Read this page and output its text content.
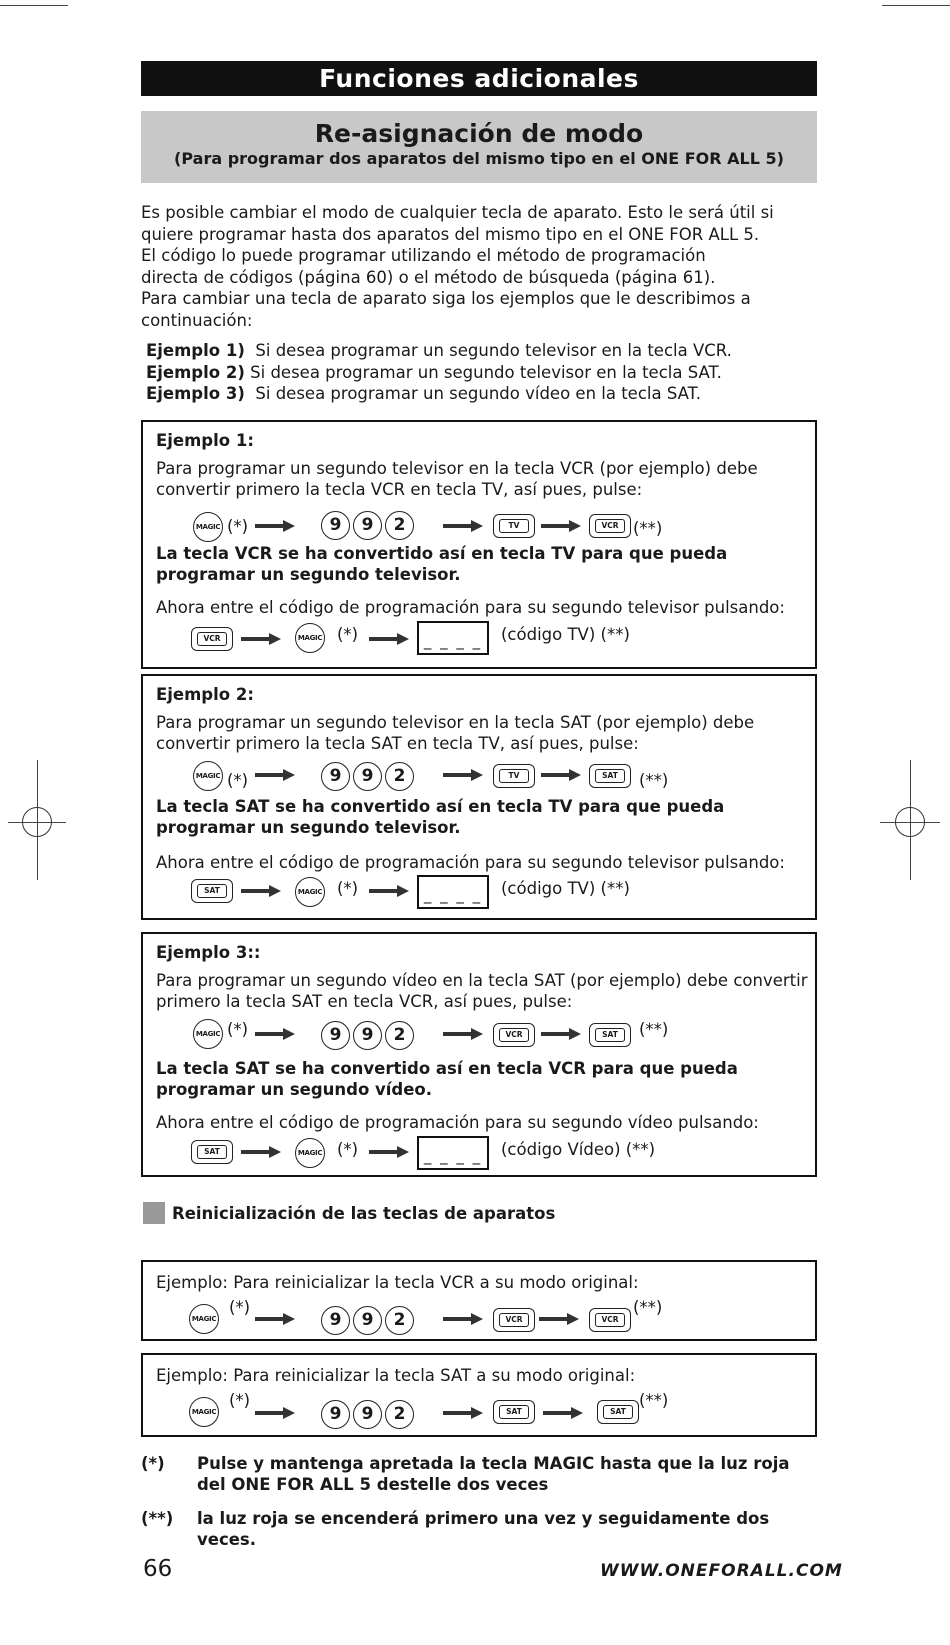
Funciones adicionales
Re-asignación de modo
(Para programar dos aparatos del mismo tipo en el ONE FOR ALL 5)
Es posible cambiar el modo de cualquier tecla de aparato. Esto le será útil si
quiere programar hasta dos aparatos del mismo tipo en el ONE FOR ALL 5.
El código lo puede programar utilizando el método de programación
directa de códigos (página 60) o el método de búsqueda (página 61).
Para cambiar una tecla de aparato siga los ejemplos que le describimos a
continuación:
Ejemplo 1) Si desea programar un segundo televisor en la tecla VCR.
Ejemplo 2) Si desea programar un segundo televisor en la tecla SAT.
Ejemplo 3) Si desea programar un segundo vídeo en la tecla SAT.
Ejemplo 1:
Para programar un segundo televisor en la tecla VCR (por ejemplo) debe
convertir primero la tecla VCR en tecla TV, así pues, pulse:
MAGIC (*)	9	9	2	TV	VCR (**)
La tecla VCR se ha convertido así en tecla TV para que pueda
programar un segundo televisor.
Ahora entre el código de programación para su segundo televisor pulsando:
VCR	MAGIC (*)	_ _ _ _	(código TV) (**)
Ejemplo 2:
Para programar un segundo televisor en la tecla SAT (por ejemplo) debe
convertir primero la tecla SAT en tecla TV, así pues, pulse:
MAGIC (*)	9	9	2	TV	SAT	(**)
La tecla SAT se ha convertido así en tecla TV para que pueda
programar un segundo televisor.
Ahora entre el código de programación para su segundo televisor pulsando:
SAT	MAGIC (*)	_ _ _ _	(código TV) (**)
Ejemplo 3::
Para programar un segundo vídeo en la tecla SAT (por ejemplo) debe convertir
primero la tecla SAT en tecla VCR, así pues, pulse:
MAGIC (*)	9	9	2	VCR	SAT	(**)
La tecla SAT se ha convertido así en tecla VCR para que pueda
programar un segundo vídeo.
Ahora entre el código de programación para su segundo vídeo pulsando:
SAT	MAGIC (*)	_ _ _ _	(código Vídeo) (**)
Reinicialización de las teclas de aparatos
Ejemplo: Para reinicializar la tecla VCR a su modo original:
MAGIC
(*)
9	9	2	VCR	VCR
(**)
Ejemplo: Para reinicializar la tecla SAT a su modo original:
MAGIC
(*)
9	9	2	SAT	SAT
(**)
(*) Pulse y mantenga apretada la tecla MAGIC hasta que la luz roja
del ONE FOR ALL 5 destelle dos veces
(**) la luz roja se encenderá primero una vez y seguidamente dos
veces.
66	WWW.ONEFORALL.COM
